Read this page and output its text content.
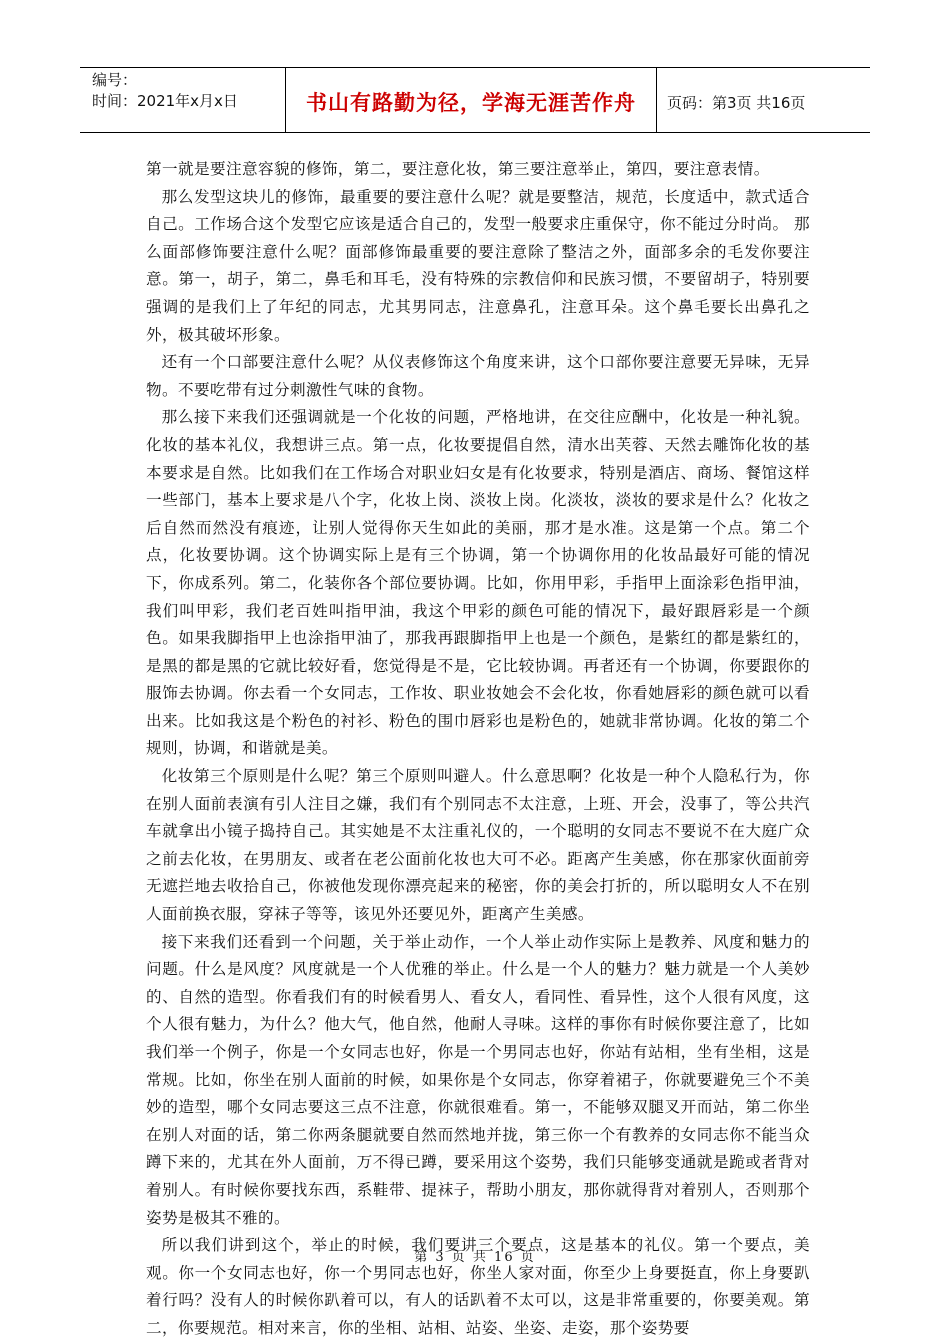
编号：
时间：2021年x月x日	书山有路勤为径，学海无涯苦作舟 页码：第3页 共16页

第一就是要注意容貌的修饰，第二，要注意化妆，第三要注意举止，第四，要注意表情。

那么发型这块儿的修饰，最重要的要注意什么呢？就是要整洁，规范，长度适中，款式适合自己。工作场合这个发型它应该是适合自己的，发型一般要求庄重保守，你不能过分时尚。 那么面部修饰要注意什么呢？面部修饰最重要的要注意除了整洁之外，面部多余的毛发你要注意。第一，胡子，第二，鼻毛和耳毛，没有特殊的宗教信仰和民族习惯，不要留胡子，特别要强调的是我们上了年纪的同志，尤其男同志，注意鼻孔，注意耳朵。这个鼻毛要长出鼻孔之外，极其破坏形象。

还有一个口部要注意什么呢？从仪表修饰这个角度来讲，这个口部你要注意要无异味，无异物。不要吃带有过分刺激性气味的食物。

那么接下来我们还强调就是一个化妆的问题，严格地讲，在交往应酬中，化妆是一种礼貌。化妆的基本礼仪，我想讲三点。第一点，化妆要提倡自然，清水出芙蓉、天然去雕饰化妆的基本要求是自然。比如我们在工作场合对职业妇女是有化妆要求，特别是酒店、商场、餐馆这样一些部门，基本上要求是八个字，化妆上岗、淡妆上岗。化淡妆，淡妆的要求是什么？化妆之后自然而然没有痕迹，让别人觉得你天生如此的美丽，那才是水准。这是第一个点。第二个点，化妆要协调。这个协调实际上是有三个协调，第一个协调你用的化妆品最好可能的情况下，你成系列。第二，化装你各个部位要协调。比如，你用甲彩，手指甲上面涂彩色指甲油，我们叫甲彩，我们老百姓叫指甲油，我这个甲彩的颜色可能的情况下，最好跟唇彩是一个颜色。如果我脚指甲上也涂指甲油了，那我再跟脚指甲上也是一个颜色，是紫红的都是紫红的，是黑的都是黑的它就比较好看，您觉得是不是，它比较协调。再者还有一个协调，你要跟你的服饰去协调。你去看一个女同志，工作妆、职业妆她会不会化妆，你看她唇彩的颜色就可以看出来。比如我这是个粉色的衬衫、粉色的围巾唇彩也是粉色的，她就非常协调。化妆的第二个规则，协调，和谐就是美。

化妆第三个原则是什么呢？第三个原则叫避人。什么意思啊？化妆是一种个人隐私行为，你在别人面前表演有引人注目之嫌，我们有个别同志不太注意，上班、开会，没事了，等公共汽车就拿出小镜子捣持自己。其实她是不太注重礼仪的，一个聪明的女同志不要说不在大庭广众之前去化妆，在男朋友、或者在老公面前化妆也大可不必。距离产生美感，你在那家伙面前旁无遮拦地去收拾自己，你被他发现你漂亮起来的秘密，你的美会打折的，所以聪明女人不在别人面前换衣服，穿袜子等等，该见外还要见外，距离产生美感。

接下来我们还看到一个问题，关于举止动作，一个人举止动作实际上是教养、风度和魅力的问题。什么是风度？风度就是一个人优雅的举止。什么是一个人的魅力？魅力就是一个人美妙的、自然的造型。你看我们有的时候看男人、看女人，看同性、看异性，这个人很有风度，这个人很有魅力，为什么？他大气，他自然，他耐人寻味。这样的事你有时候你要注意了，比如我们举一个例子，你是一个女同志也好，你是一个男同志也好，你站有站相，坐有坐相，这是常规。比如，你坐在别人面前的时候，如果你是个女同志，你穿着裙子，你就要避免三个不美妙的造型，哪个女同志要这三点不注意，你就很难看。第一，不能够双腿叉开而站，第二你坐在别人对面的话，第二你两条腿就要自然而然地并拢，第三你一个有教养的女同志你不能当众蹲下来的，尤其在外人面前，万不得已蹲，要采用这个姿势，我们只能够变通就是跪或者背对着别人。有时候你要找东西，系鞋带、提袜子，帮助小朋友，那你就得背对着别人，否则那个姿势是极其不雅的。

所以我们讲到这个，举止的时候，我们要讲三个要点，这是基本的礼仪。第一个要点，美观。你一个女同志也好，你一个男同志也好，你坐人家对面，你至少上身要挺直，你上身要趴着行吗？没有人的时候你趴着可以，有人的话趴着不太可以，这是非常重要的，你要美观。第二，你要规范。相对来言，你的坐相、站相、站姿、坐姿、走姿，那个姿势要

第 3 页 共 16 页
